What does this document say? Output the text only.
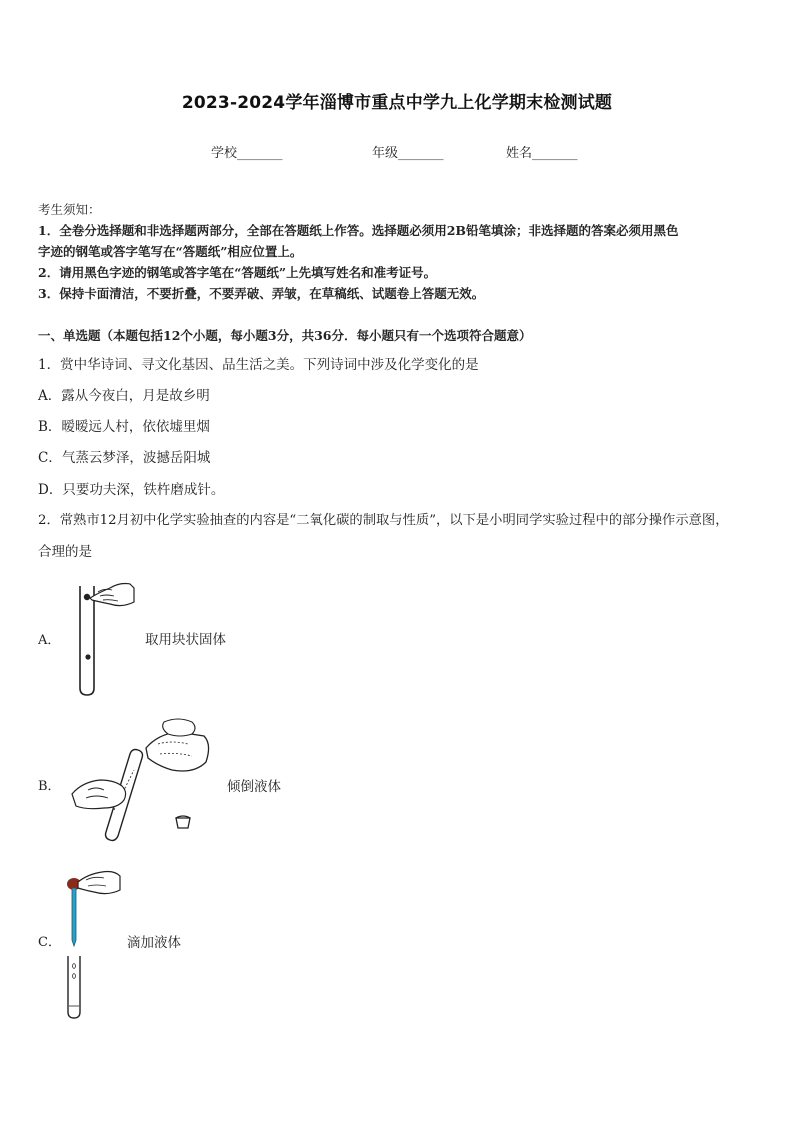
2023-2024学年淄博市重点中学九上化学期末检测试题
学校_______	年级_______	姓名_______
考生须知：
1．全卷分选择题和非选择题两部分，全部在答题纸上作答。选择题必须用2B铅笔填涂；非选择题的答案必须用黑色
字迹的钢笔或答字笔写在“答题纸”相应位置上。
2．请用黑色字迹的钢笔或答字笔在“答题纸”上先填写姓名和准考证号。
3．保持卡面清洁，不要折叠，不要弄破、弄皱，在草稿纸、试题卷上答题无效。
一、单选题（本题包括12个小题，每小题3分，共36分．每小题只有一个选项符合题意）
1．赏中华诗词、寻文化基因、品生活之美。下列诗词中涉及化学变化的是
A．露从今夜白，月是故乡明
B．暧暧远人村，依依墟里烟
C．气蒸云梦泽，波撼岳阳城
D．只要功夫深，铁杵磨成针。
2．常熟市12月初中化学实验抽查的内容是“二氧化碳的制取与性质”，以下是小明同学实验过程中的部分操作示意图，
合理的是
A．	取用块状固体
B．	倾倒液体
C．	滴加液体
